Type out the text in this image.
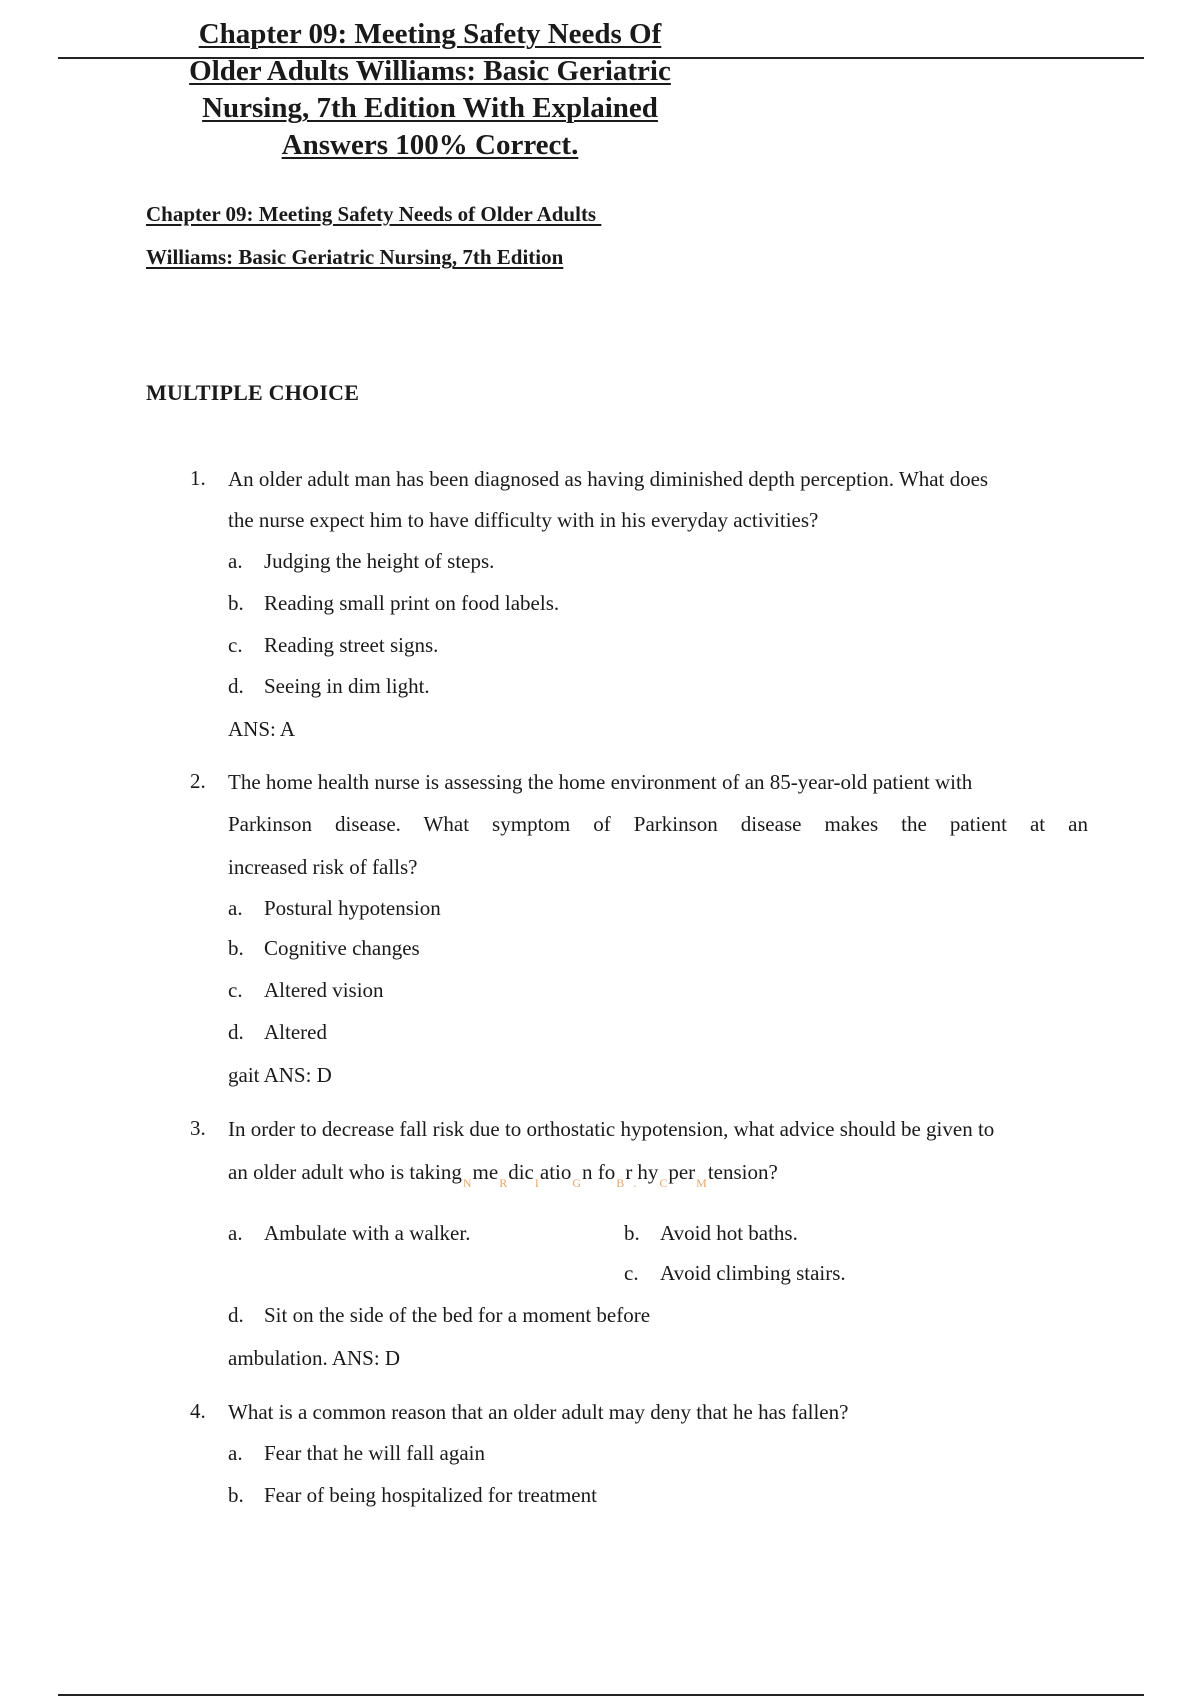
Chapter 09: Meeting Safety Needs Of
Older Adults Williams: Basic Geriatric
Nursing, 7th Edition With Explained
Answers 100% Correct.
Chapter 09: Meeting Safety Needs of Older Adults
Williams: Basic Geriatric Nursing, 7th Edition
MULTIPLE CHOICE
1. An older adult man has been diagnosed as having diminished depth perception. What does
the nurse expect him to have difficulty with in his everyday activities?
a. Judging the height of steps.
b. Reading small print on food labels.
c. Reading street signs.
d. Seeing in dim light.
ANS: A
2. The home health nurse is assessing the home environment of an 85-year-old patient with
Parkinson disease. What symptom of Parkinson disease makes the patient at an
increased risk of falls?
a. Postural hypotension
b. Cognitive changes
c. Altered vision
d. Altered
gait ANS: D
3. In order to decrease fall risk due to orthostatic hypotension, what advice should be given to
an older adult who is $taking_Nme_Rdic_Iatio_Gn$ $fo_Br_.hy_Cper_Mtension$?
a. Ambulate with a walker.	b. Avoid hot baths.
c. Avoid climbing stairs.
d. Sit on the side of the bed for a moment before
ambulation. ANS: D
4. What is a common reason that an older adult may deny that he has fallen?
a. Fear that he will fall again
b. Fear of being hospitalized for treatment
